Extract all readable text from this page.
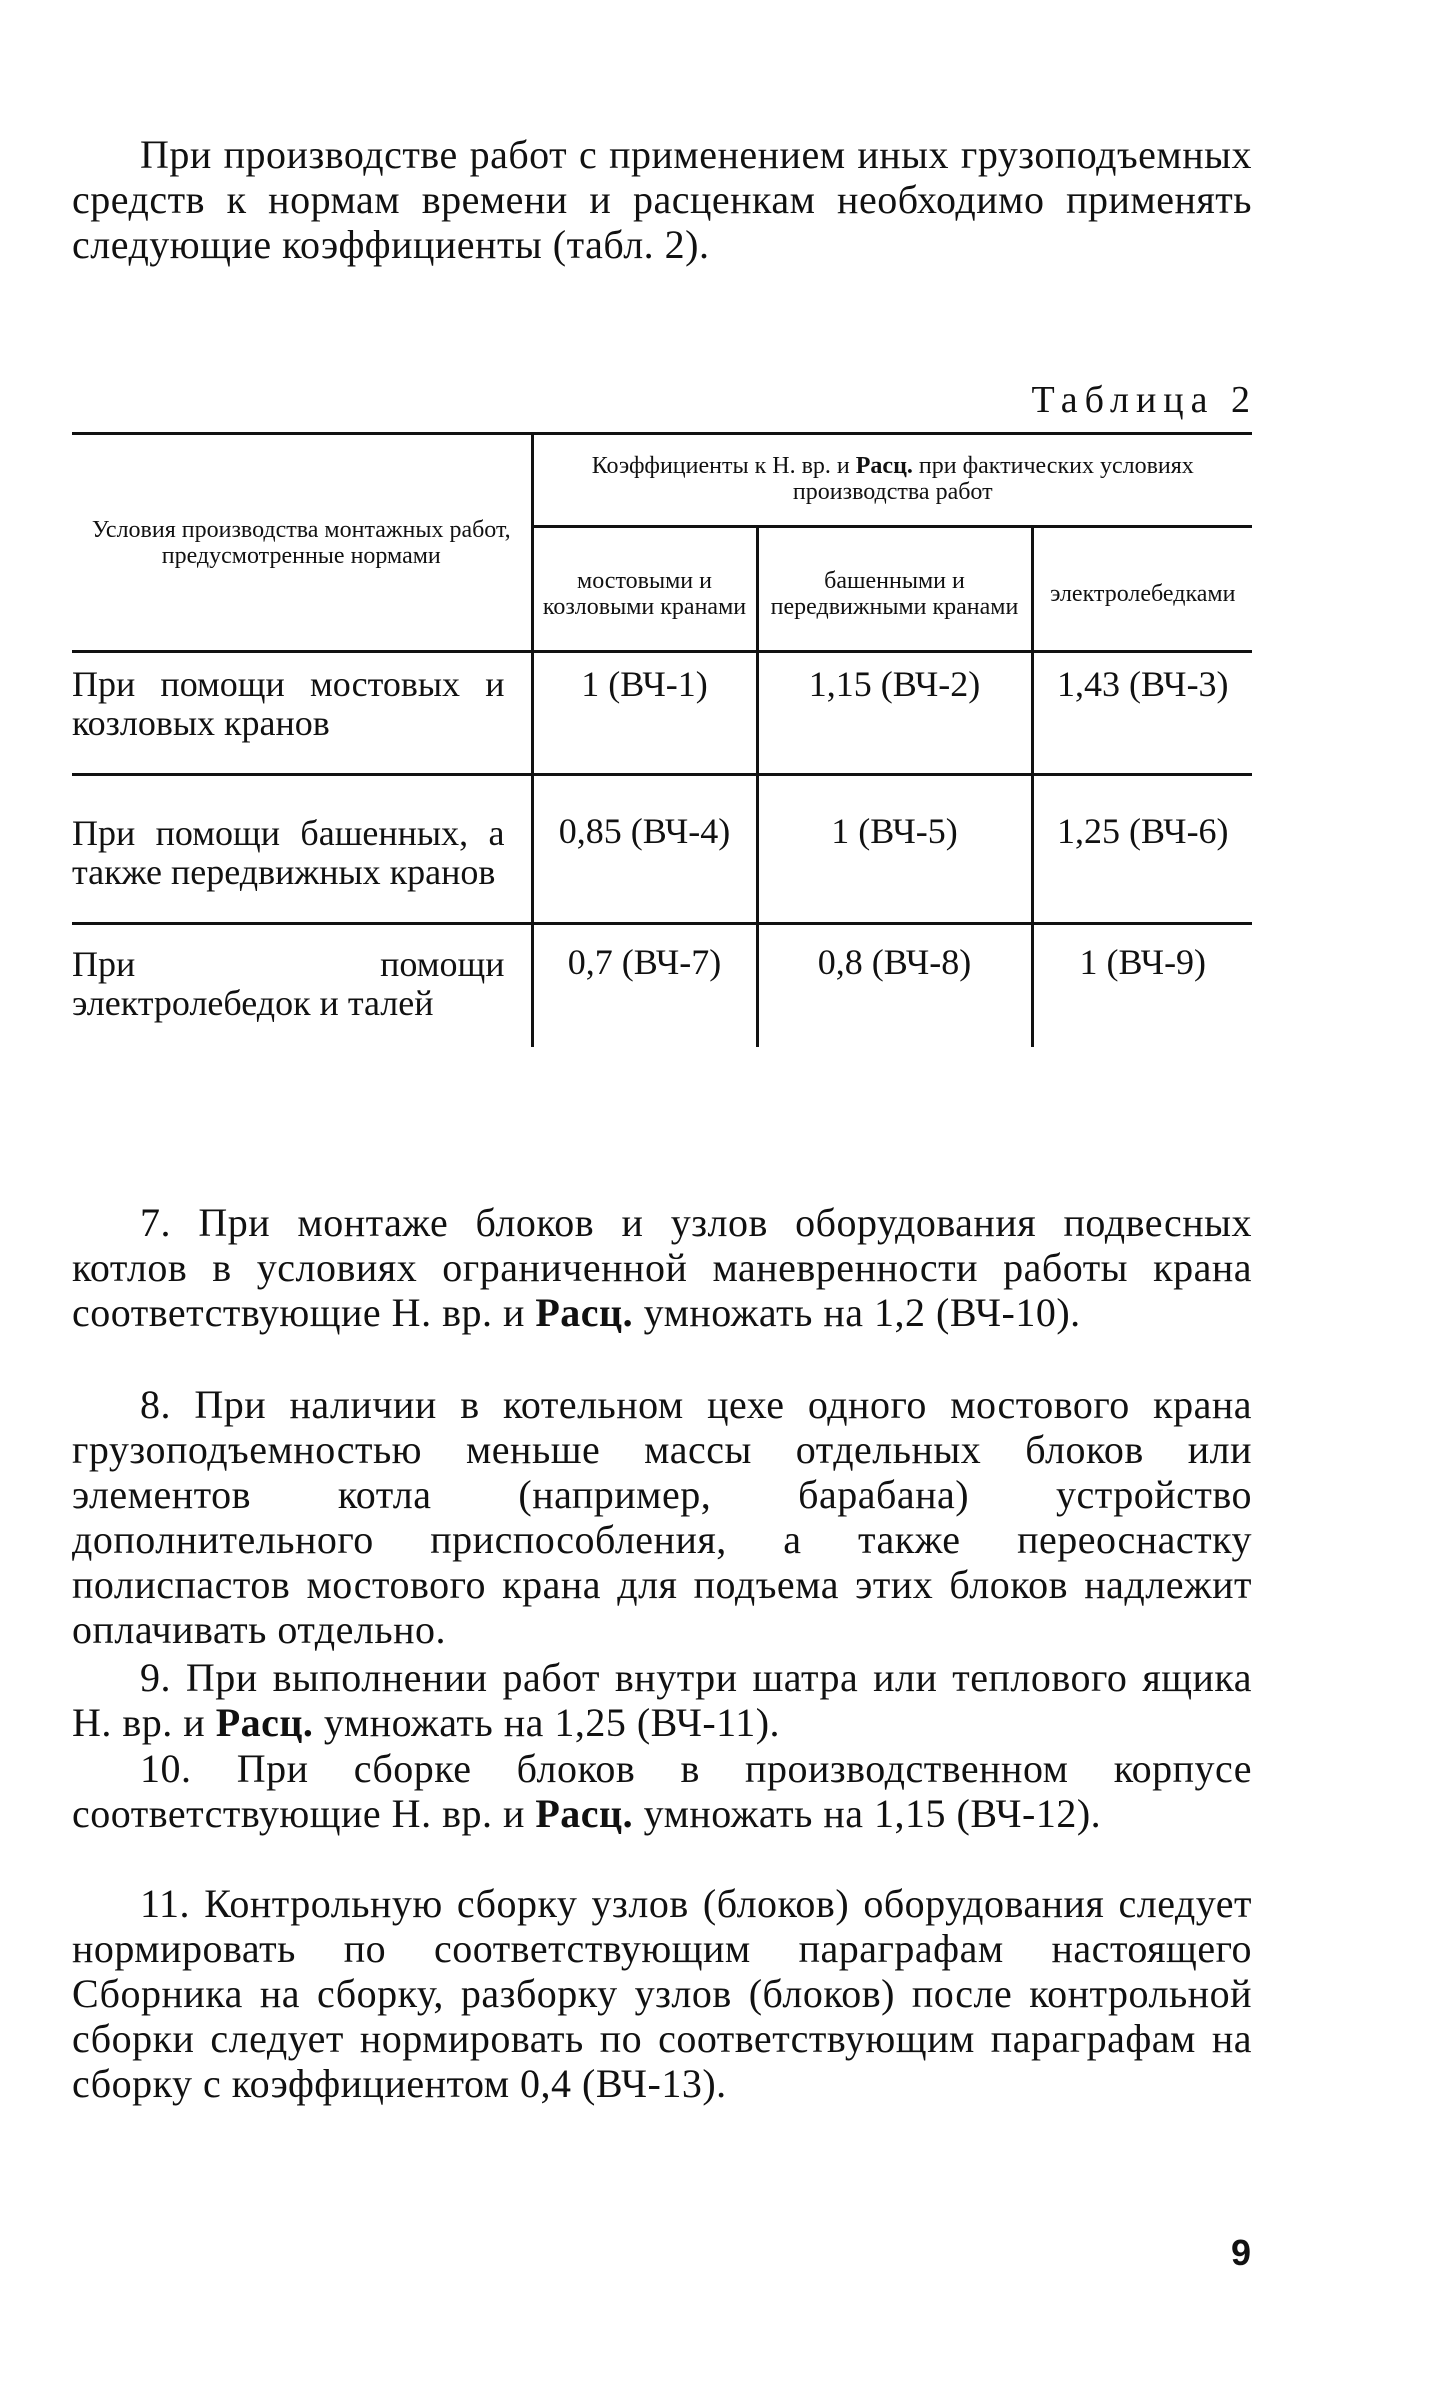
При производстве работ с применением иных грузоподъемных средств к нормам времени и расценкам необходимо применять следующие коэффициенты (табл. 2).

Таблица 2
Условия производства монтажных работ, предусмотренные нормами	Коэффициенты к Н. вр. и Расц. при фактических условиях производства работ		
	мостовыми и козловыми кранами	башенными и передвижными кранами	электролебедками
При помощи мостовых и козловых кранов	1 (ВЧ-1)	1,15 (ВЧ-2)	1,43 (ВЧ-3)
При помощи башенных, а также передвижных кранов	0,85 (ВЧ-4)	1 (ВЧ-5)	1,25 (ВЧ-6)
При помощи электролебедок и талей	0,7 (ВЧ-7)	0,8 (ВЧ-8)	1 (ВЧ-9)

7. При монтаже блоков и узлов оборудования подвесных котлов в условиях ограниченной маневренности работы крана соответствующие Н. вр. и Расц. умножать на 1,2 (ВЧ-10).

8. При наличии в котельном цехе одного мостового крана грузоподъемностью меньше массы отдельных блоков или элементов котла (например, барабана) устройство дополнительного приспособления, а также переоснастку полиспастов мостового крана для подъема этих блоков надлежит оплачивать отдельно.

9. При выполнении работ внутри шатра или теплового ящика Н. вр. и Расц. умножать на 1,25 (ВЧ-11).

10. При сборке блоков в производственном корпусе соответствующие Н. вр. и Расц. умножать на 1,15 (ВЧ-12).

11. Контрольную сборку узлов (блоков) оборудования следует нормировать по соответствующим параграфам настоящего Сборника на сборку, разборку узлов (блоков) после контрольной сборки следует нормировать по соответствующим параграфам на сборку с коэффициентом 0,4 (ВЧ-13).

9
